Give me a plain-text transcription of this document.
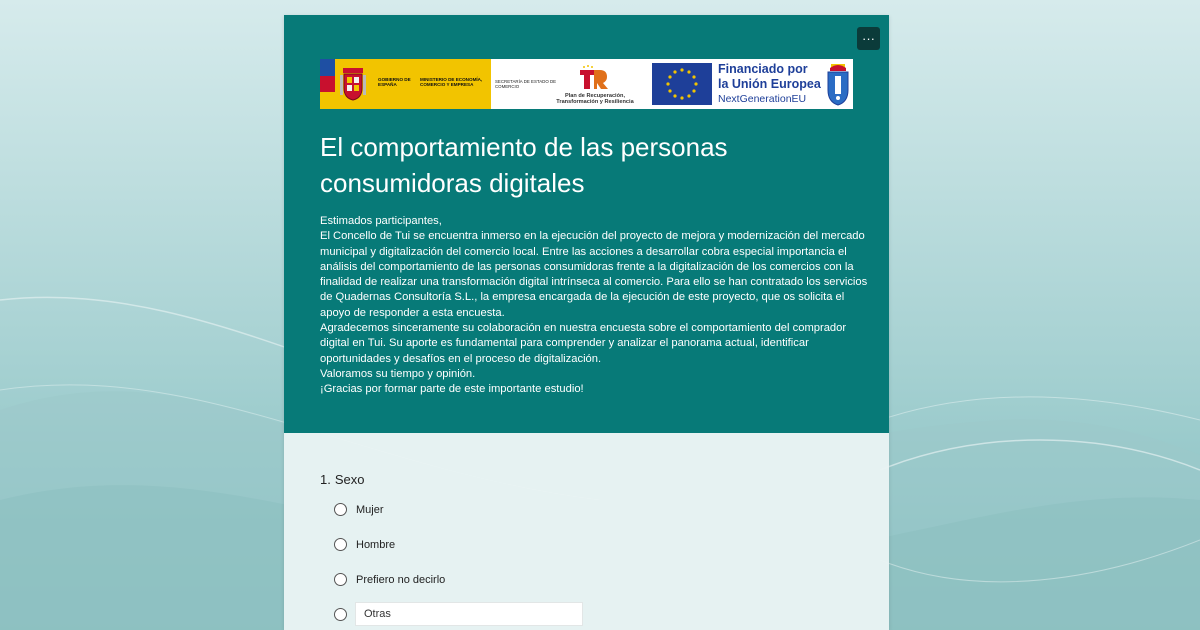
···
GOBIERNO DE ESPAÑA
MINISTERIO DE ECONOMÍA, COMERCIO Y EMPRESA
SECRETARÍA DE ESTADO DE COMERCIO
Plan de Recuperación, Transformación y Resiliencia
Financiado por
la Unión Europea
NextGenerationEU
El comportamiento de las personas consumidoras digitales

Estimados participantes,

El Concello de Tui se encuentra inmerso en la ejecución del proyecto de mejora y modernización del mercado municipal y digitalización del comercio local. Entre las acciones a desarrollar cobra especial importancia el análisis del comportamiento de las personas consumidoras frente a la digitalización de los comercios con la finalidad de realizar una transformación digital intrínseca al comercio. Para ello se han contratado los servicios de Quadernas Consultoría S.L., la empresa encargada de la ejecución de este proyecto, que os solicita el apoyo de responder a esta encuesta.

Agradecemos sinceramente su colaboración en nuestra encuesta sobre el comportamiento del comprador digital en Tui. Su aporte es fundamental para comprender y analizar el panorama actual, identificar oportunidades y desafíos en el proceso de digitalización.

Valoramos su tiempo y opinión.

¡Gracias por formar parte de este importante estudio!

1. Sexo
Mujer
Hombre
Prefiero no decirlo
Otras
